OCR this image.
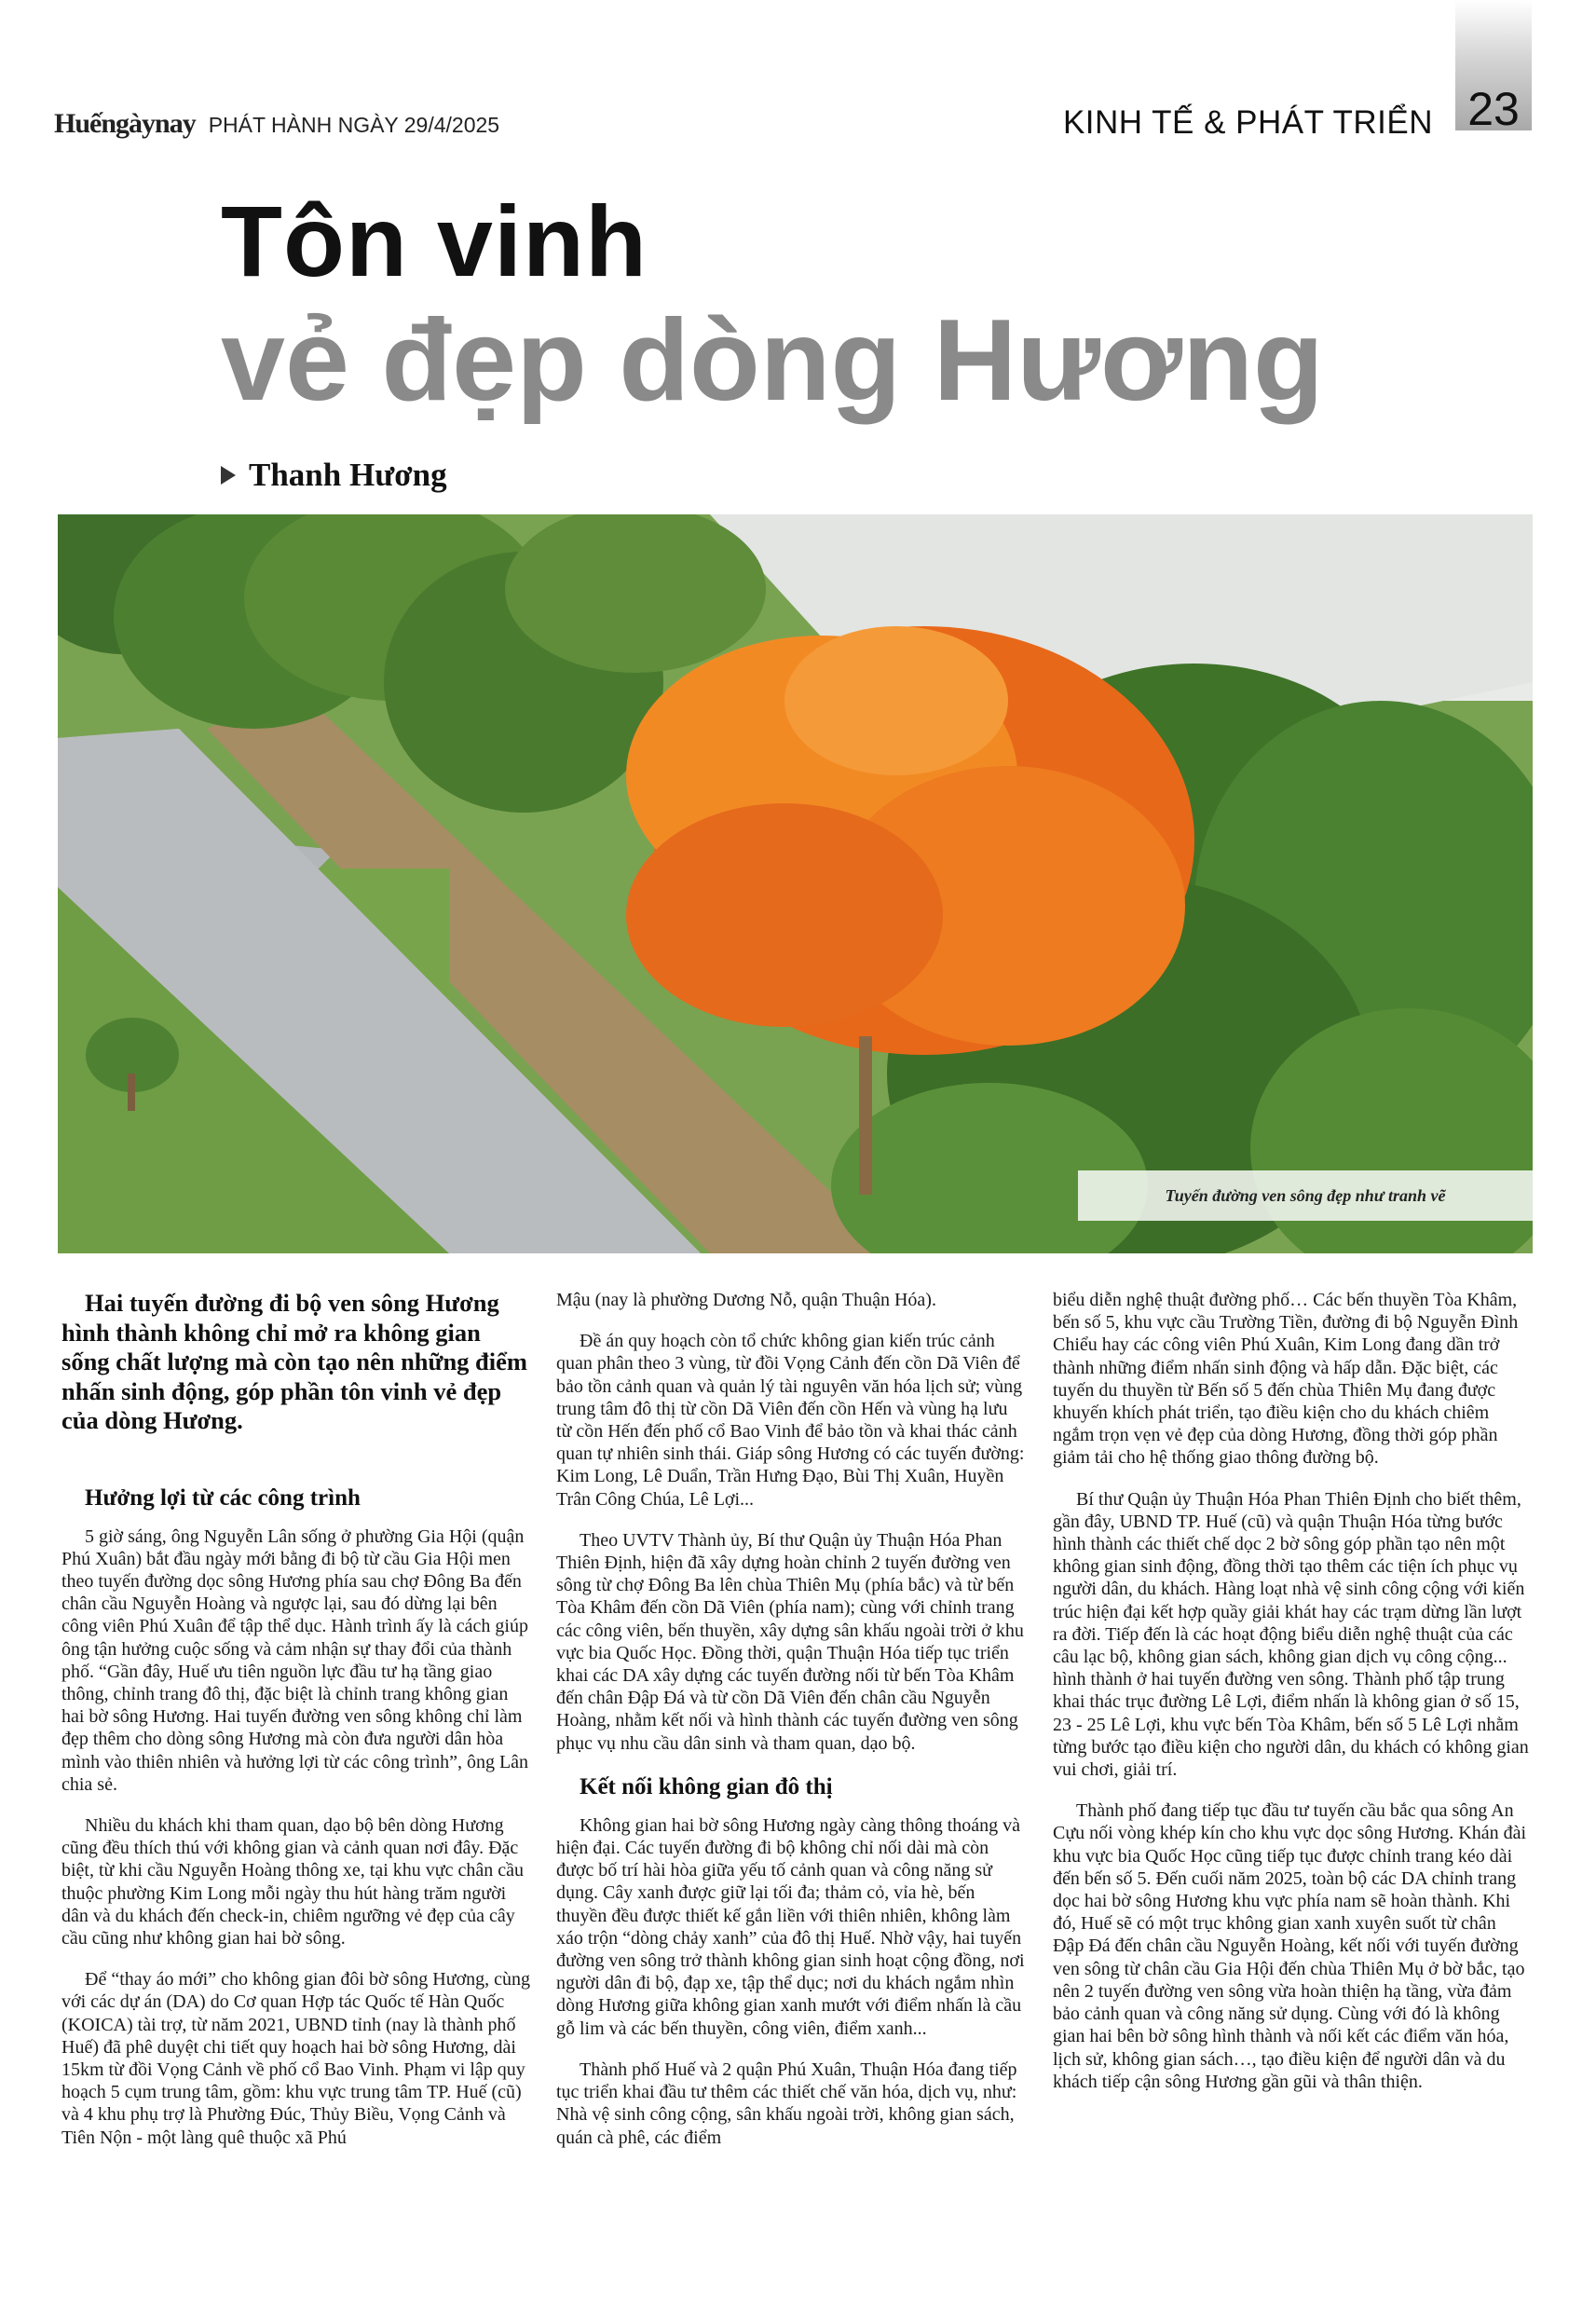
23
Huếngàynay PHÁT HÀNH NGÀY 29/4/2025	KINH TẾ & PHÁT TRIỂN
Tôn vinh
vẻ đẹp dòng Hương
Thanh Hương
Tuyến đường ven sông đẹp như tranh vẽ

Hai tuyến đường đi bộ ven sông Hương hình thành không chỉ mở ra không gian sống chất lượng mà còn tạo nên những điểm nhấn sinh động, góp phần tôn vinh vẻ đẹp của dòng Hương.

Hưởng lợi từ các công trình

5 giờ sáng, ông Nguyễn Lân sống ở phường Gia Hội (quận Phú Xuân) bắt đầu ngày mới bằng đi bộ từ cầu Gia Hội men theo tuyến đường dọc sông Hương phía sau chợ Đông Ba đến chân cầu Nguyễn Hoàng và ngược lại, sau đó dừng lại bên công viên Phú Xuân để tập thể dục. Hành trình ấy là cách giúp ông tận hưởng cuộc sống và cảm nhận sự thay đổi của thành phố. “Gần đây, Huế ưu tiên nguồn lực đầu tư hạ tầng giao thông, chỉnh trang đô thị, đặc biệt là chỉnh trang không gian hai bờ sông Hương. Hai tuyến đường ven sông không chỉ làm đẹp thêm cho dòng sông Hương mà còn đưa người dân hòa mình vào thiên nhiên và hưởng lợi từ các công trình”, ông Lân chia sẻ.

Nhiều du khách khi tham quan, dạo bộ bên dòng Hương cũng đều thích thú với không gian và cảnh quan nơi đây. Đặc biệt, từ khi cầu Nguyễn Hoàng thông xe, tại khu vực chân cầu thuộc phường Kim Long mỗi ngày thu hút hàng trăm người dân và du khách đến check-in, chiêm ngưỡng vẻ đẹp của cây cầu cũng như không gian hai bờ sông.

Để “thay áo mới” cho không gian đôi bờ sông Hương, cùng với các dự án (DA) do Cơ quan Hợp tác Quốc tế Hàn Quốc (KOICA) tài trợ, từ năm 2021, UBND tỉnh (nay là thành phố Huế) đã phê duyệt chi tiết quy hoạch hai bờ sông Hương, dài 15km từ đồi Vọng Cảnh về phố cổ Bao Vinh. Phạm vi lập quy hoạch 5 cụm trung tâm, gồm: khu vực trung tâm TP. Huế (cũ) và 4 khu phụ trợ là Phường Đúc, Thủy Biều, Vọng Cảnh và Tiên Nộn - một làng quê thuộc xã Phú

Mậu (nay là phường Dương Nỗ, quận Thuận Hóa).

Đề án quy hoạch còn tổ chức không gian kiến trúc cảnh quan phân theo 3 vùng, từ đồi Vọng Cảnh đến cồn Dã Viên để bảo tồn cảnh quan và quản lý tài nguyên văn hóa lịch sử; vùng trung tâm đô thị từ cồn Dã Viên đến cồn Hến và vùng hạ lưu từ cồn Hến đến phố cổ Bao Vinh để bảo tồn và khai thác cảnh quan tự nhiên sinh thái. Giáp sông Hương có các tuyến đường: Kim Long, Lê Duẩn, Trần Hưng Đạo, Bùi Thị Xuân, Huyền Trân Công Chúa, Lê Lợi...

Theo UVTV Thành ủy, Bí thư Quận ủy Thuận Hóa Phan Thiên Định, hiện đã xây dựng hoàn chỉnh 2 tuyến đường ven sông từ chợ Đông Ba lên chùa Thiên Mụ (phía bắc) và từ bến Tòa Khâm đến cồn Dã Viên (phía nam); cùng với chỉnh trang các công viên, bến thuyền, xây dựng sân khấu ngoài trời ở khu vực bia Quốc Học. Đồng thời, quận Thuận Hóa tiếp tục triển khai các DA xây dựng các tuyến đường nối từ bến Tòa Khâm đến chân Đập Đá và từ cồn Dã Viên đến chân cầu Nguyễn Hoàng, nhằm kết nối và hình thành các tuyến đường ven sông phục vụ nhu cầu dân sinh và tham quan, dạo bộ.

Kết nối không gian đô thị

Không gian hai bờ sông Hương ngày càng thông thoáng và hiện đại. Các tuyến đường đi bộ không chỉ nối dài mà còn được bố trí hài hòa giữa yếu tố cảnh quan và công năng sử dụng. Cây xanh được giữ lại tối đa; thảm cỏ, vỉa hè, bến thuyền đều được thiết kế gắn liền với thiên nhiên, không làm xáo trộn “dòng chảy xanh” của đô thị Huế. Nhờ vậy, hai tuyến đường ven sông trở thành không gian sinh hoạt cộng đồng, nơi người dân đi bộ, đạp xe, tập thể dục; nơi du khách ngắm nhìn dòng Hương giữa không gian xanh mướt với điểm nhấn là cầu gỗ lim và các bến thuyền, công viên, điểm xanh...

Thành phố Huế và 2 quận Phú Xuân, Thuận Hóa đang tiếp tục triển khai đầu tư thêm các thiết chế văn hóa, dịch vụ, như: Nhà vệ sinh công cộng, sân khấu ngoài trời, không gian sách, quán cà phê, các điểm

biểu diễn nghệ thuật đường phố… Các bến thuyền Tòa Khâm, bến số 5, khu vực cầu Trường Tiền, đường đi bộ Nguyễn Đình Chiểu hay các công viên Phú Xuân, Kim Long đang dần trở thành những điểm nhấn sinh động và hấp dẫn. Đặc biệt, các tuyến du thuyền từ Bến số 5 đến chùa Thiên Mụ đang được khuyến khích phát triển, tạo điều kiện cho du khách chiêm ngắm trọn vẹn vẻ đẹp của dòng Hương, đồng thời góp phần giảm tải cho hệ thống giao thông đường bộ.

Bí thư Quận ủy Thuận Hóa Phan Thiên Định cho biết thêm, gần đây, UBND TP. Huế (cũ) và quận Thuận Hóa từng bước hình thành các thiết chế dọc 2 bờ sông góp phần tạo nên một không gian sinh động, đồng thời tạo thêm các tiện ích phục vụ người dân, du khách. Hàng loạt nhà vệ sinh công cộng với kiến trúc hiện đại kết hợp quầy giải khát hay các trạm dừng lần lượt ra đời. Tiếp đến là các hoạt động biểu diễn nghệ thuật của các câu lạc bộ, không gian sách, không gian dịch vụ công cộng... hình thành ở hai tuyến đường ven sông. Thành phố tập trung khai thác trục đường Lê Lợi, điểm nhấn là không gian ở số 15, 23 - 25 Lê Lợi, khu vực bến Tòa Khâm, bến số 5 Lê Lợi nhằm từng bước tạo điều kiện cho người dân, du khách có không gian vui chơi, giải trí.

Thành phố đang tiếp tục đầu tư tuyến cầu bắc qua sông An Cựu nối vòng khép kín cho khu vực dọc sông Hương. Khán đài khu vực bia Quốc Học cũng tiếp tục được chỉnh trang kéo dài đến bến số 5. Đến cuối năm 2025, toàn bộ các DA chỉnh trang dọc hai bờ sông Hương khu vực phía nam sẽ hoàn thành. Khi đó, Huế sẽ có một trục không gian xanh xuyên suốt từ chân Đập Đá đến chân cầu Nguyễn Hoàng, kết nối với tuyến đường ven sông từ chân cầu Gia Hội đến chùa Thiên Mụ ở bờ bắc, tạo nên 2 tuyến đường ven sông vừa hoàn thiện hạ tầng, vừa đảm bảo cảnh quan và công năng sử dụng. Cùng với đó là không gian hai bên bờ sông hình thành và nối kết các điểm văn hóa, lịch sử, không gian sách…, tạo điều kiện để người dân và du khách tiếp cận sông Hương gần gũi và thân thiện.
